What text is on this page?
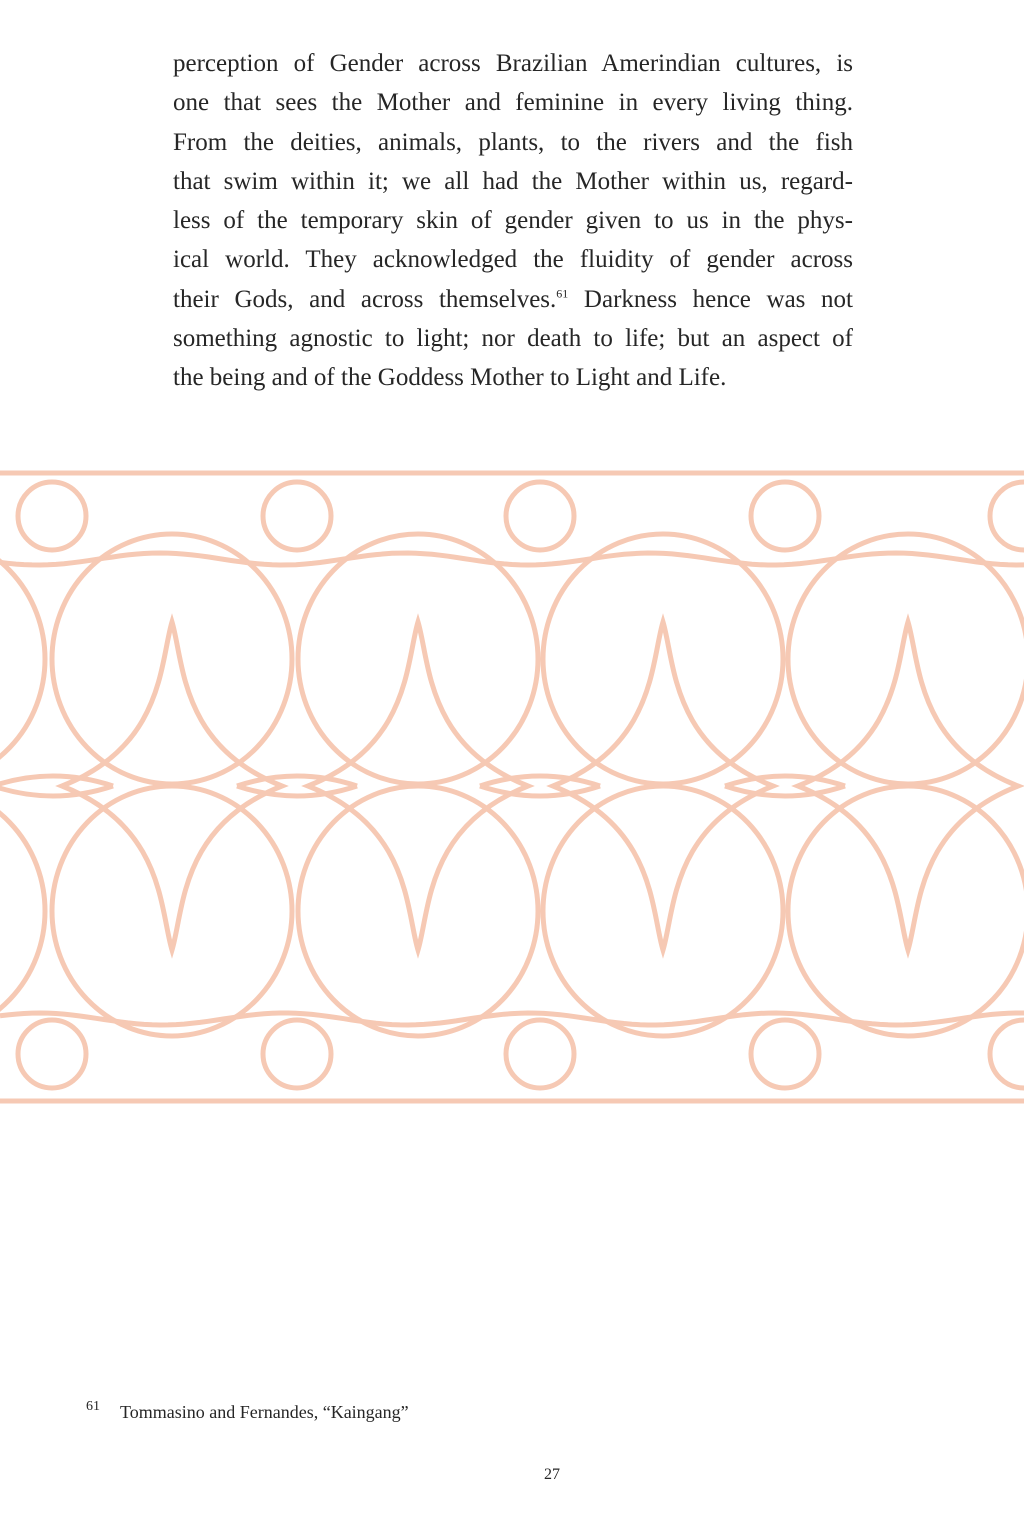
perception of Gender across Brazilian Amerindian cultures, is
one that sees the Mother and feminine in every living thing.
From the deities, animals, plants, to the rivers and the fish
that swim within it; we all had the Mother within us, regard-
less of the temporary skin of gender given to us in the phys-
ical world. They acknowledged the fluidity of gender across
their Gods, and across themselves.$^{61}$ Darkness hence was not
something agnostic to light; nor death to life; but an aspect of
the being and of the Goddess Mother to Light and Life.
61 Tommasino and Fernandes, “Kaingang”
27
